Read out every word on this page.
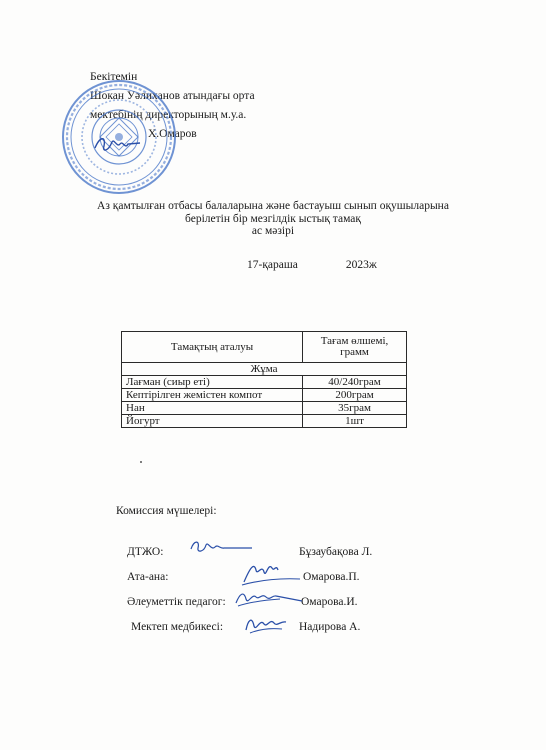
Бекітемін
Шокан Уәлиханов атындағы орта
мектебінің директорының м.у.а.
Х.Омаров
Аз қамтылған отбасы балаларына және бастауыш сынып оқушыларына
берілетін бір мезгілдік ыстық тамақ
ас мәзірі
17-қараша	2023ж
Тамақтың аталуы	Тағам өлшемі, грамм
Жұма	
Лағман (сиыр еті)	40/240грам
Кептірілген жемістен компот	200грам
Нан	35грам
Йогурт	1шт
Комиссия мүшелері:
ДТЖО:	Бұзаубақова Л.
Ата-ана:	Омарова.П.
Әлеуметтік педагог:	Омарова.И.
Мектеп медбикесі:	Надирова А.
